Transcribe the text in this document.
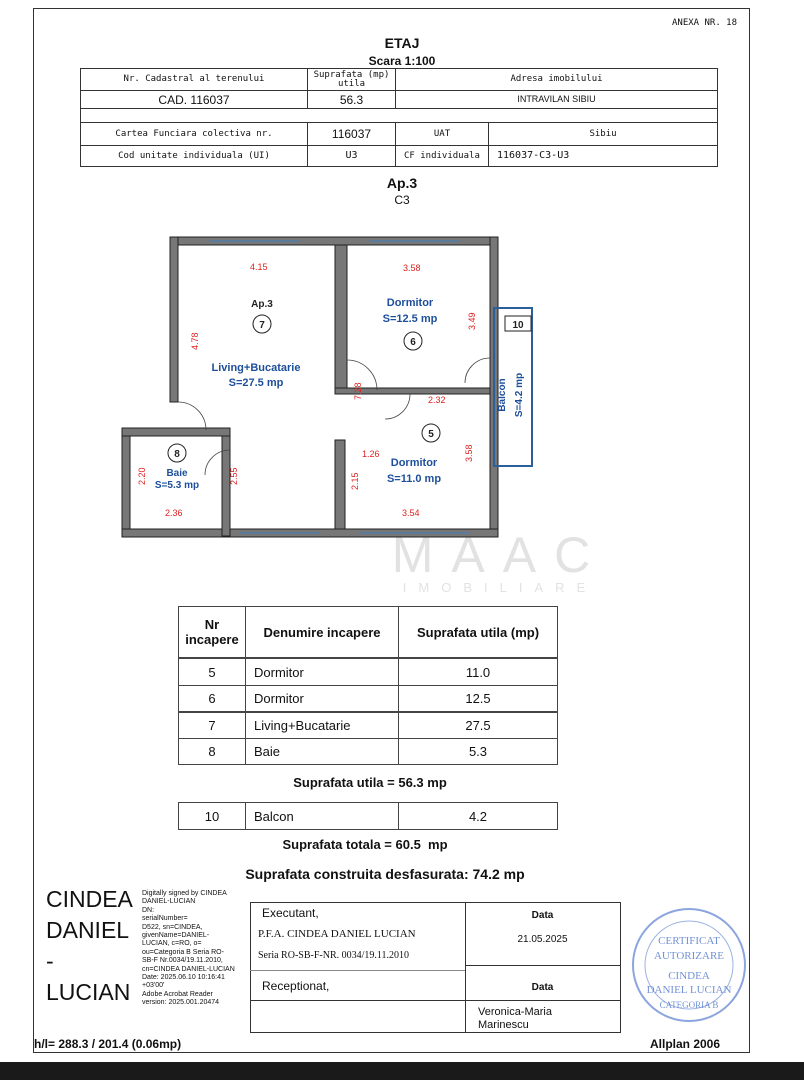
ANEXA NR. 18
ETAJ
Scara 1:100
Nr. Cadastral al terenului	Suprafata (mp) utila	Adresa imobilului
CAD. 116037	56.3	INTRAVILAN SIBIU
Cartea Funciara colectiva nr.	116037	UAT	Sibiu
Cod unitate individuala (UI)	U3	CF individuala	116037-C3-U3
Ap.3
C3
4.15	3.58
4.78
3.49
7.28	2.32
1.26	3.58
2.15
3.54
2.20
2.36
2.55
Ap.3
7
Living+Bucatarie
S=27.5 mp
Dormitor
S=12.5 mp
6
5
Dormitor
S=11.0 mp
8
Baie
S=5.3 mp
10
Balcon S=4.2 mp
MAAC
IMOBILIARE
Nr incapere	Denumire incapere	Suprafata utila (mp)
5	Dormitor	11.0
6	Dormitor	12.5
7	Living+Bucatarie	27.5
8	Baie	5.3
Suprafata utila = 56.3 mp
10	Balcon	4.2
Suprafata totala = 60.5  mp
Suprafata construita desfasurata: 74.2 mp
CINDEA
DANIEL
-
LUCIAN
Digitally signed by CINDEA
DANIEL-LUCIAN
DN:
serialNumber=
D522, sn=CINDEA,
givenName=DANIEL-
LUCIAN, c=RO, o=
ou=Categoria B Seria RO-
SB-F Nr.0034/19.11.2010,
cn=CINDEA DANIEL-LUCIAN
Date: 2025.06.10 10:16:41
+03'00'
Adobe Acrobat Reader
version: 2025.001.20474
Executant,
P.F.A. CINDEA DANIEL LUCIAN
Seria RO-SB-F-NR. 0034/19.11.2010
Receptionat,
Data
21.05.2025
Data
Veronica-Maria Marinescu
CERTIFICAT
AUTORIZARE
CINDEA
DANIEL LUCIAN
CATEGORIA B
h/l= 288.3 / 201.4 (0.06mp)	Allplan 2006
